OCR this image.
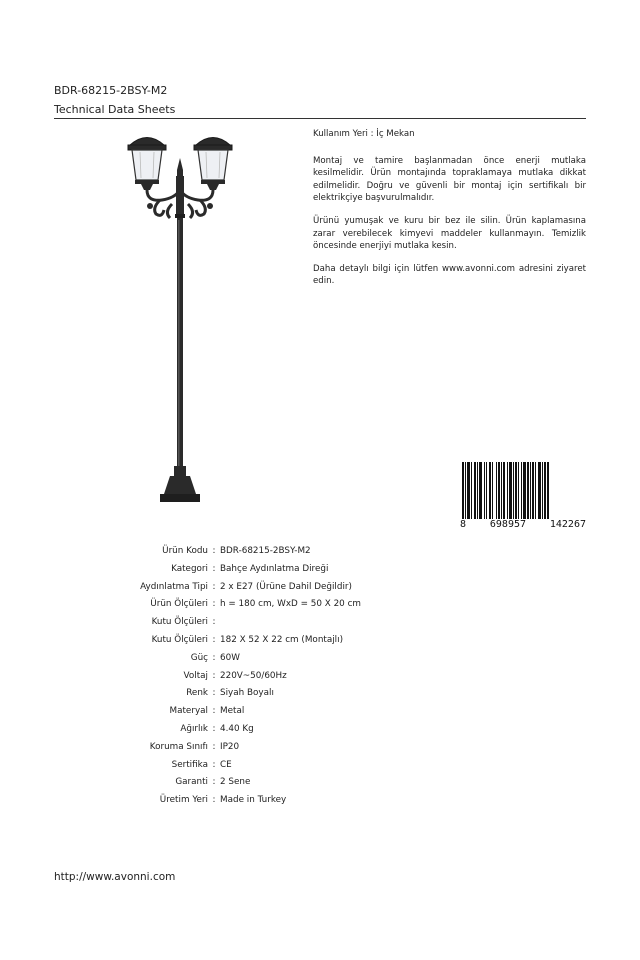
BDR-68215-2BSY-M2
Technical Data Sheets

Kullanım Yeri : İç Mekan

Montaj ve tamire başlanmadan önce enerji mutlaka kesilmelidir. Ürün montajında topraklamaya mutlaka dikkat edilmelidir. Doğru ve güvenli bir montaj için sertifikalı bir elektrikçiye başvurulmalıdır.

Ürünü yumuşak ve kuru bir bez ile silin. Ürün kaplamasına zarar verebilecek kimyevi maddeler kullanmayın. Temizlik öncesinde enerjiyi mutlaka kesin.

Daha detaylı bilgi için lütfen www.avonni.com adresini ziyaret edin.

8 698957 142267
Ürün Kodu : BDR-68215-2BSY-M2
Kategori : Bahçe Aydınlatma Direği
Aydınlatma Tipi : 2 x E27 (Ürüne Dahil Değildir)
Ürün Ölçüleri : h = 180 cm, WxD = 50 X 20 cm
Kutu Ölçüleri :
Kutu Ölçüleri : 182 X 52 X 22 cm (Montajlı)
Güç : 60W
Voltaj : 220V~50/60Hz
Renk : Siyah Boyalı
Materyal : Metal
Ağırlık : 4.40 Kg
Koruma Sınıfı : IP20
Sertifika : CE
Garanti : 2 Sene
Üretim Yeri : Made in Turkey
http://www.avonni.com
